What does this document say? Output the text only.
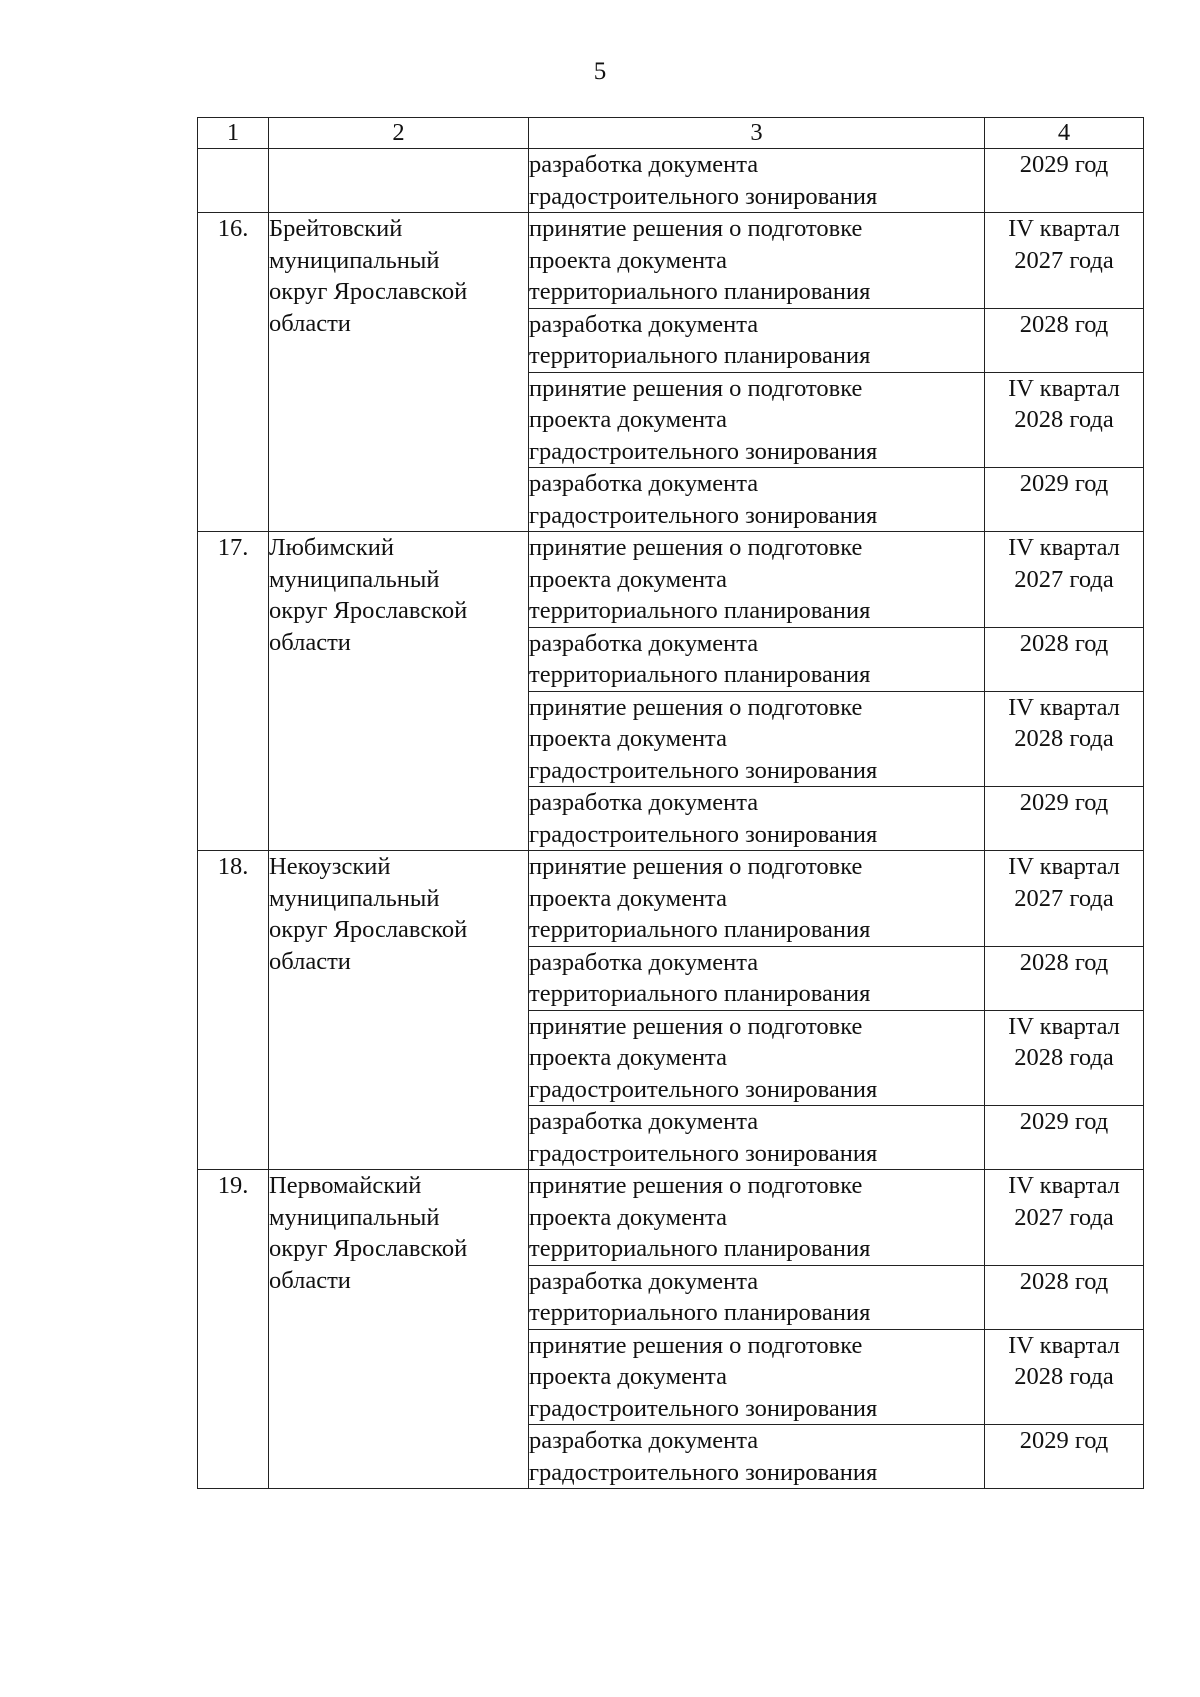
5
1	2	3	4

		разработка документа
градостроительного зонирования	2029 год

16.	Брейтовский
муниципальный
округ Ярославской
области	принятие решения о подготовке
проекта документа
территориального планирования	IV квартал
2027 года

		разработка документа
территориального планирования	2028 год

		принятие решения о подготовке
проекта документа
градостроительного зонирования	IV квартал
2028 года

		разработка документа
градостроительного зонирования	2029 год

17.	Любимский
муниципальный
округ Ярославской
области	принятие решения о подготовке
проекта документа
территориального планирования	IV квартал
2027 года

		разработка документа
территориального планирования	2028 год

		принятие решения о подготовке
проекта документа
градостроительного зонирования	IV квартал
2028 года

		разработка документа
градостроительного зонирования	2029 год

18.	Некоузский
муниципальный
округ Ярославской
области	принятие решения о подготовке
проекта документа
территориального планирования	IV квартал
2027 года

		разработка документа
территориального планирования	2028 год

		принятие решения о подготовке
проекта документа
градостроительного зонирования	IV квартал
2028 года

		разработка документа
градостроительного зонирования	2029 год

19.	Первомайский
муниципальный
округ Ярославской
области	принятие решения о подготовке
проекта документа
территориального планирования	IV квартал
2027 года

		разработка документа
территориального планирования	2028 год

		принятие решения о подготовке
проекта документа
градостроительного зонирования	IV квартал
2028 года

		разработка документа
градостроительного зонирования	2029 год
